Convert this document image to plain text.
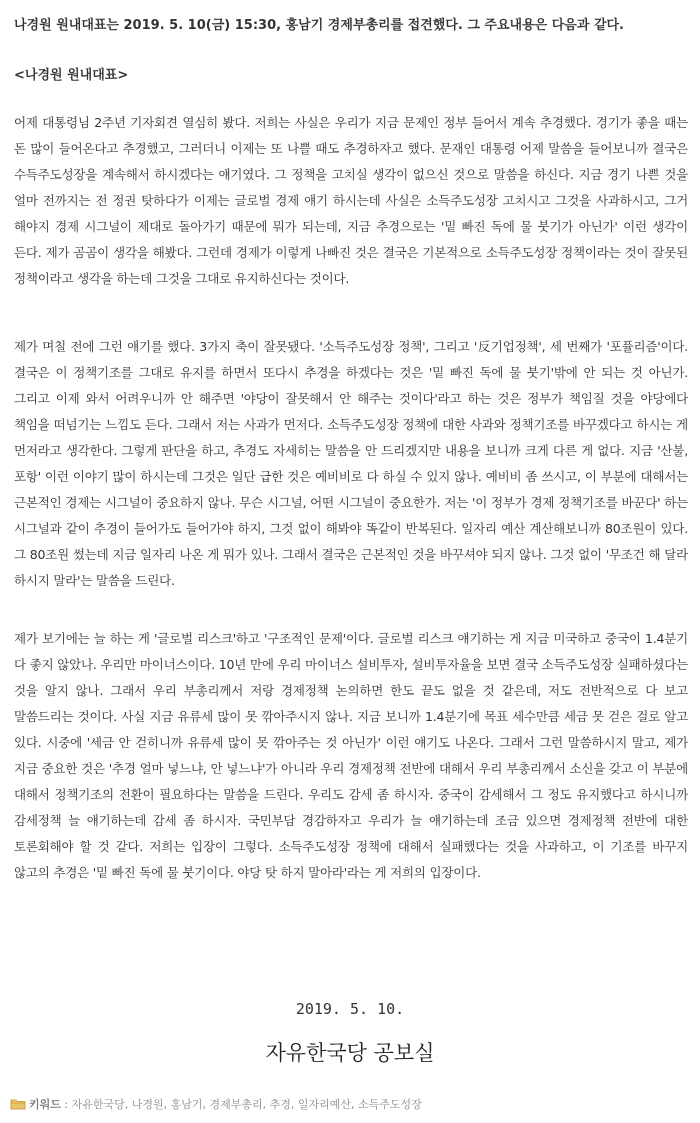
나경원 원내대표는 2019. 5. 10(금) 15:30, 홍남기 경제부총리를 접견했다. 그 주요내용은 다음과 같다.

<나경원 원내대표>

어제 대통령님 2주년 기자회견 열심히 봤다. 저희는 사실은 우리가 지금 문제인 정부 들어서 계속 추경했다. 경기가 좋을 때는 돈 많이 들어온다고 추경했고, 그러더니 이제는 또 나쁠 때도 추경하자고 했다. 문재인 대통령 어제 말씀을 들어보니까 결국은 수득주도성장을 계속해서 하시겠다는 얘기였다. 그 정책을 고치실 생각이 없으신 것으로 말씀을 하신다. 지금 경기 나쁜 것을 얼마 전까지는 전 정권 탓하다가 이제는 글로벌 경제 얘기 하시는데 사실은 소득주도성장 고치시고 그것을 사과하시고, 그거 해야지 경제 시그널이 제대로 돌아가기 때문에 뭐가 되는데, 지금 추경으로는 '밑 빠진 독에 물 붓기가 아닌가' 이런 생각이 든다. 제가 곰곰이 생각을 해봤다. 그런데 경제가 이렇게 나빠진 것은 결국은 기본적으로 소득주도성장 정책이라는 것이 잘못된 정책이라고 생각을 하는데 그것을 그대로 유지하신다는 것이다.

제가 며칠 전에 그런 얘기를 했다. 3가지 축이 잘못됐다. '소득주도성장 정책', 그리고 '反기업정책', 세 번째가 '포퓰리즘'이다. 결국은 이 정책기조를 그대로 유지를 하면서 또다시 추경을 하겠다는 것은 '밑 빠진 독에 물 붓기'밖에 안 되는 것 아닌가. 그리고 이제 와서 어려우니까 안 해주면 '야당이 잘못해서 안 해주는 것이다'라고 하는 것은 정부가 책임질 것을 야당에다 책임을 떠넘기는 느낌도 든다. 그래서 저는 사과가 먼저다. 소득주도성장 정책에 대한 사과와 정책기조를 바꾸겠다고 하시는 게 먼저라고 생각한다. 그렇게 판단을 하고, 추경도 자세히는 말씀을 안 드리겠지만 내용을 보니까 크게 다른 게 없다. 지금 '산불, 포항' 이런 이야기 많이 하시는데 그것은 일단 급한 것은 예비비로 다 하실 수 있지 않나. 예비비 좀 쓰시고, 이 부분에 대해서는 근본적인 경제는 시그널이 중요하지 않나. 무슨 시그널, 어떤 시그널이 중요한가. 저는 '이 정부가 경제 정책기조를 바꾼다' 하는 시그널과 같이 추경이 들어가도 들어가야 하지, 그것 없이 해봐야 똑같이 반복된다. 일자리 예산 계산해보니까 80조원이 있다. 그 80조원 썼는데 지금 일자리 나온 게 뭐가 있나. 그래서 결국은 근본적인 것을 바꾸셔야 되지 않나. 그것 없이 '무조건 해 달라 하시지 말라'는 말씀을 드린다.

제가 보기에는 늘 하는 게 '글로벌 리스크'하고 '구조적인 문제'이다. 글로벌 리스크 얘기하는 게 지금 미국하고 중국이 1.4분기 다 좋지 않았나. 우리만 마이너스이다. 10년 만에 우리 마이너스 설비투자, 설비투자율을 보면 결국 소득주도성장 실패하셨다는 것을 알지 않나. 그래서 우리 부총리께서 저랑 경제정책 논의하면 한도 끝도 없을 것 같은데, 저도 전반적으로 다 보고 말씀드리는 것이다. 사실 지금 유류세 많이 못 깎아주시지 않나. 지금 보니까 1.4분기에 목표 세수만큼 세금 못 걷은 걸로 알고 있다. 시중에 '세금 안 걷히니까 유류세 많이 못 깎아주는 것 아닌가' 이런 얘기도 나온다. 그래서 그런 말씀하시지 말고, 제가 지금 중요한 것은 '추경 얼마 넣느냐, 안 넣느냐'가 아니라 우리 경제정책 전반에 대해서 우리 부총리께서 소신을 갖고 이 부분에 대해서 정책기조의 전환이 필요하다는 말씀을 드린다. 우리도 감세 좀 하시자. 중국이 감세해서 그 정도 유지했다고 하시니까 감세정책 늘 얘기하는데 감세 좀 하시자. 국민부담 경감하자고 우리가 늘 얘기하는데 조금 있으면 경제정책 전반에 대한 토론회해야 할 것 같다. 저희는 입장이 그렇다. 소득주도성장 정책에 대해서 실패했다는 것을 사과하고, 이 기조를 바꾸지 않고의 추경은 '밑 빠진 독에 물 붓기이다. 야당 탓 하지 말아라'라는 게 저희의 입장이다.

2019. 5. 10.

자유한국당 공보실

키워드 : 자유한국당, 나경원, 홍남기, 경제부총리, 추경, 일자리예산, 소득주도성장
